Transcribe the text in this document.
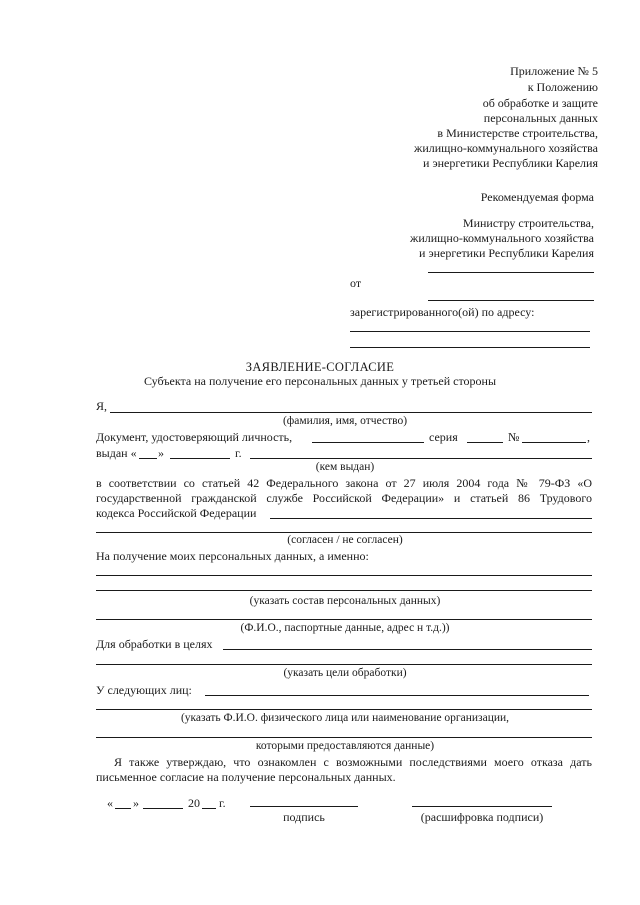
Приложение № 5
к Положению
об обработке и защите
персональных данных
в Министерстве строительства,
жилищно-коммунального хозяйства
и энергетики Республики Карелия
Рекомендуемая форма
Министру строительства,
жилищно-коммунального хозяйства
и энергетики Республики Карелия
от
зарегистрированного(ой) по адресу:
ЗАЯВЛЕНИЕ-СОГЛАСИЕ
Субъекта на получение его персональных данных у третьей стороны
Я,
(фамилия, имя, отчество)
Документ, удостоверяющий личность,	серия	№	,
выдан « »	г.
(кем выдан)
в соответствии со статьей 42 Федерального закона от 27 июля 2004 года № 79-ФЗ «О
государственной гражданской службе Российской Федерации» и статьей 86 Трудового
кодекса Российской Федерации
(согласен / не согласен)
На получение моих персональных данных, а именно:
(указать состав персональных данных)
(Ф.И.О., паспортные данные, адрес н т.д.))
Для обработки в целях
(указать цели обработки)
У следующих лиц:
(указать Ф.И.О. физического лица или наименование организации,
которыми предоставляются данные)
Я также утверждаю, что ознакомлен с возможными последствиями моего отказа дать
письменное согласие на получение персональных данных.
« »	20 г.
подпись	(расшифровка подписи)
